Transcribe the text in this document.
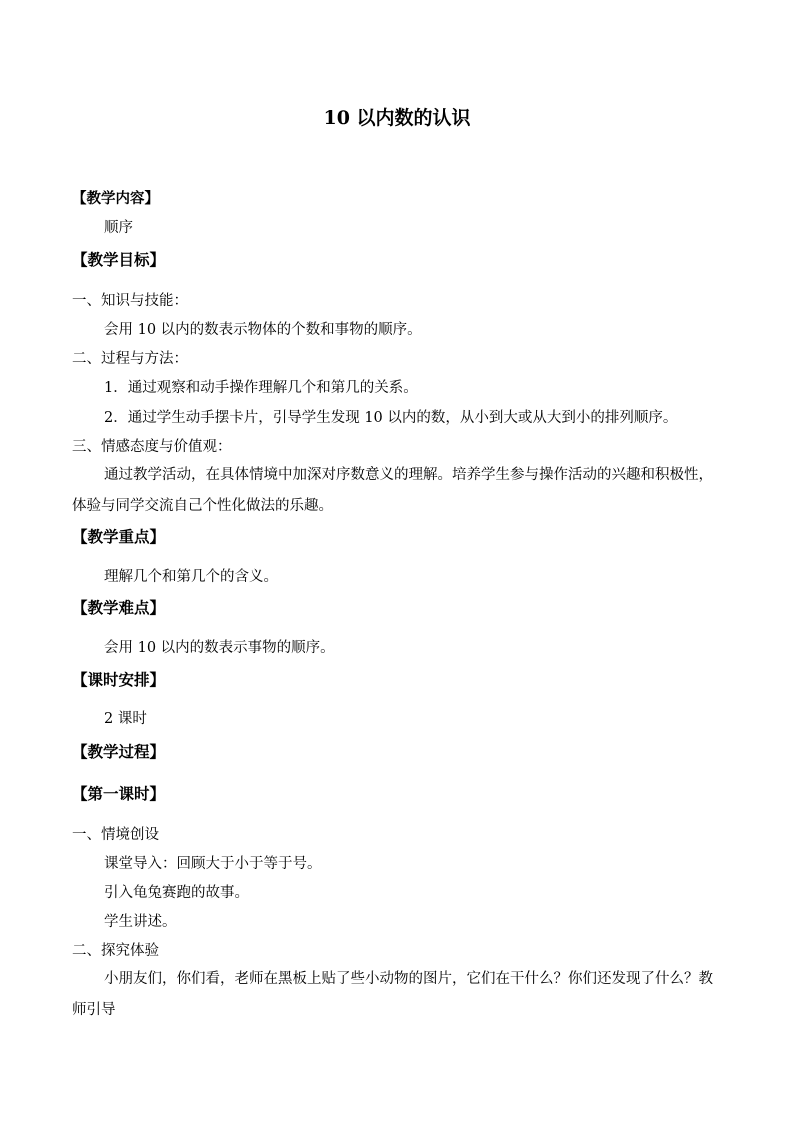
10 以内数的认识
【教学内容】
顺序
【教学目标】
一、知识与技能：
会用 10 以内的数表示物体的个数和事物的顺序。
二、过程与方法：
1．通过观察和动手操作理解几个和第几的关系。
2．通过学生动手摆卡片，引导学生发现 10 以内的数，从小到大或从大到小的排列顺序。
三、情感态度与价值观：
通过教学活动，在具体情境中加深对序数意义的理解。培养学生参与操作活动的兴趣和积极性，体验与同学交流自己个性化做法的乐趣。
【教学重点】
理解几个和第几个的含义。
【教学难点】
会用 10 以内的数表示事物的顺序。
【课时安排】
2 课时
【教学过程】
【第一课时】
一、情境创设
课堂导入：回顾大于小于等于号。
引入龟兔赛跑的故事。
学生讲述。
二、探究体验
小朋友们，你们看，老师在黑板上贴了些小动物的图片，它们在干什么？你们还发现了什么？教师引导
